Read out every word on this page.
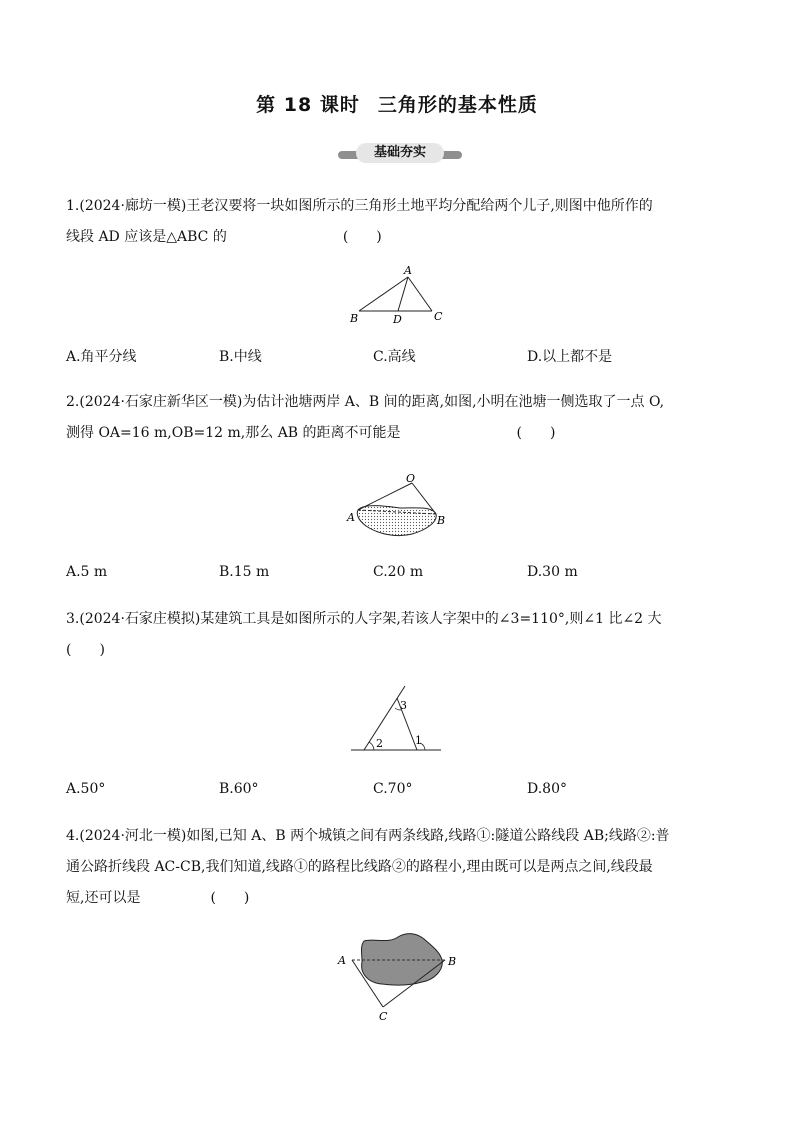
第 18 课时 三角形的基本性质
基础夯实
1.(2024·廊坊一模)王老汉要将一块如图所示的三角形土地平均分配给两个儿子,则图中他所作的
线段 AD 应该是△ABC 的	(　　)
A
B	D	C
A.角平分线	B.中线	C.高线	D.以上都不是
2.(2024·石家庄新华区一模)为估计池塘两岸 A、B 间的距离,如图,小明在池塘一侧选取了一点 O,
测得 OA=16 m,OB=12 m,那么 AB 的距离不可能是	(　　)
O
A	B
A.5 m	B.15 m	C.20 m	D.30 m
3.(2024·石家庄模拟)某建筑工具是如图所示的人字架,若该人字架中的∠3=110°,则∠1 比∠2 大
(　　)
3
2	1
A.50°	B.60°	C.70°	D.80°
4.(2024·河北一模)如图,已知 A、B 两个城镇之间有两条线路,线路①:隧道公路线段 AB;线路②:普
通公路折线段 AC-CB,我们知道,线路①的路程比线路②的路程小,理由既可以是两点之间,线段最
短,还可以是	(　　)
A	B
C
